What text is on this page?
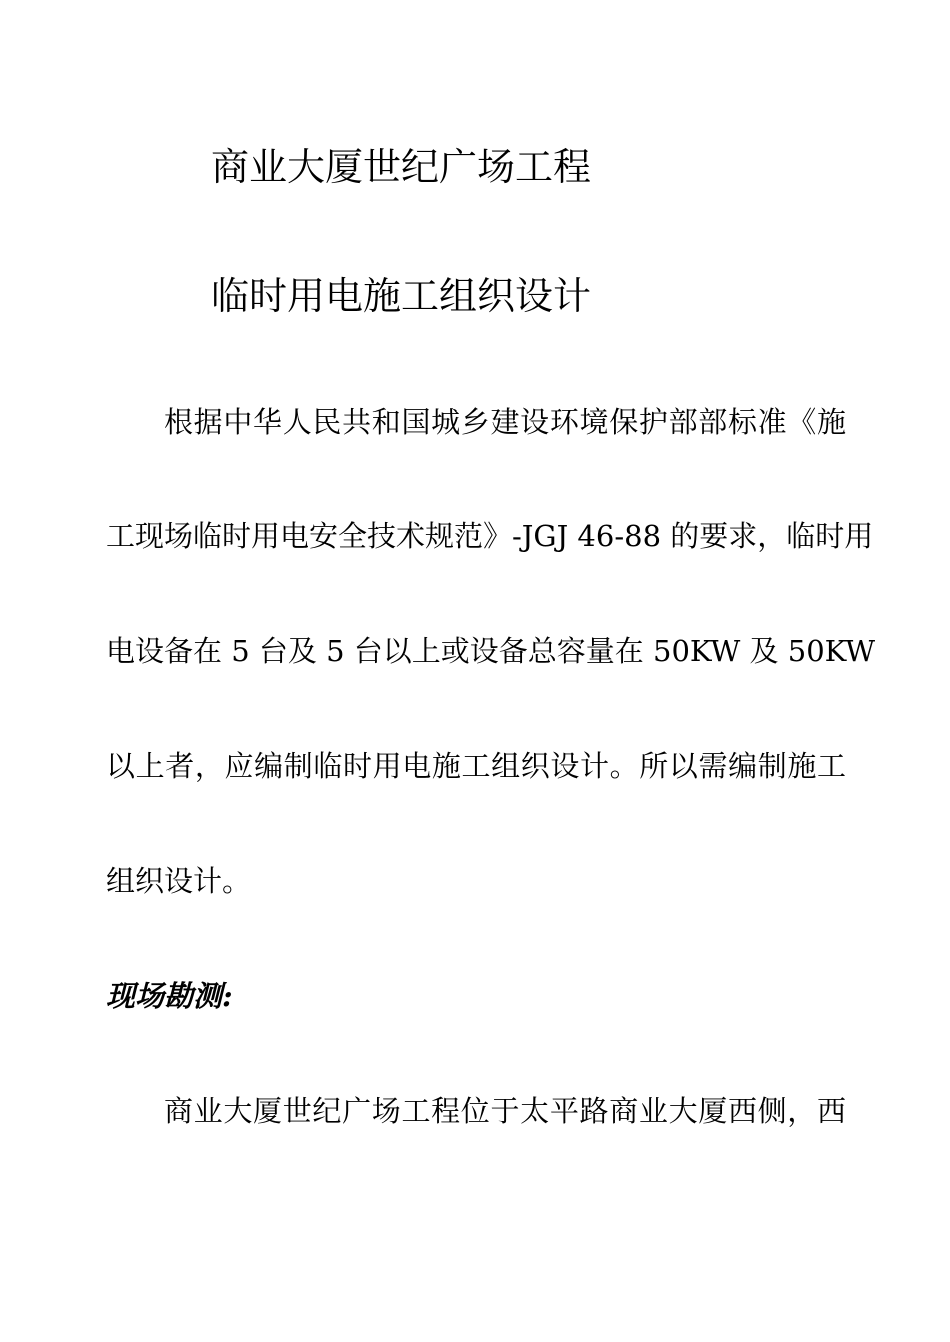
商业大厦世纪广场工程
临时用电施工组织设计
根据中华人民共和国城乡建设环境保护部部标准《施
工现场临时用电安全技术规范》-JGJ 46-88 的要求，临时用
电设备在 5 台及 5 台以上或设备总容量在 50KW 及 50KW
以上者，应编制临时用电施工组织设计。所以需编制施工
组织设计。
现场勘测:
商业大厦世纪广场工程位于太平路商业大厦西侧，西
